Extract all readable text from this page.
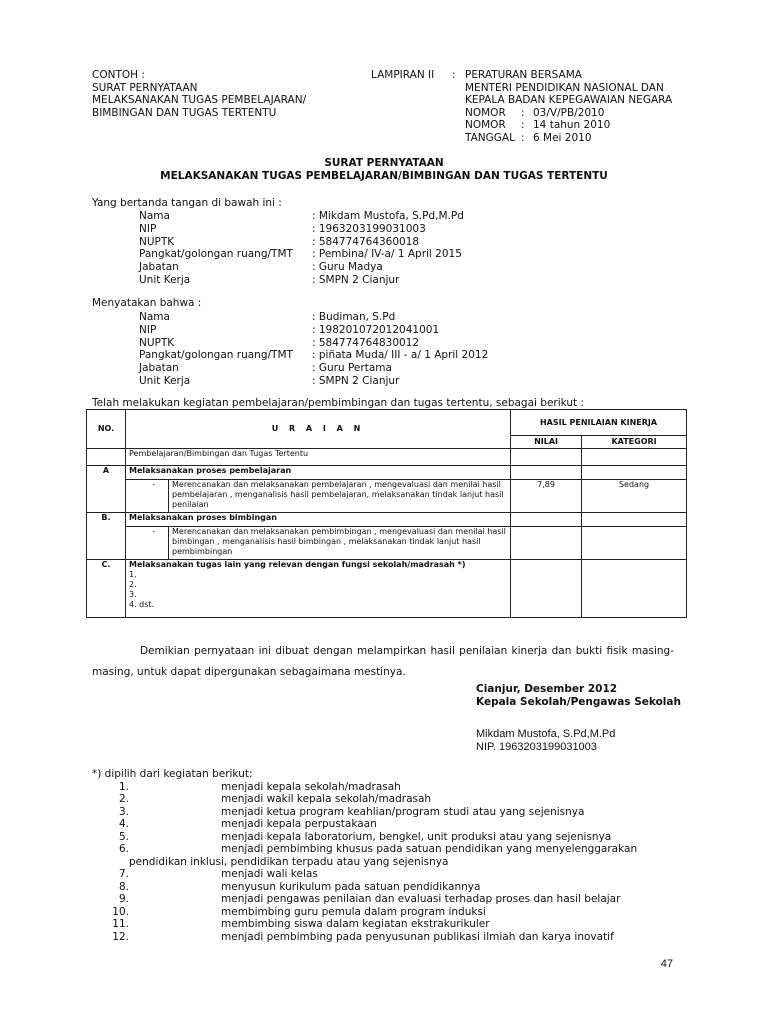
CONTOH :
SURAT PERNYATAAN
MELAKSANAKAN TUGAS PEMBELAJARAN/
BIMBINGAN DAN TUGAS TERTENTU
LAMPIRAN II : PERATURAN BERSAMA
MENTERI PENDIDIKAN NASIONAL DAN
KEPALA BADAN KEPEGAWAIAN NEGARA
NOMOR : 03/V/PB/2010
NOMOR : 14 tahun 2010
TANGGAL :6 Mei 2010
SURAT PERNYATAAN
MELAKSANAKAN TUGAS PEMBELAJARAN/BIMBINGAN DAN TUGAS TERTENTU
Yang bertanda tangan di bawah ini :
Nama	: Mikdam Mustofa, S.Pd,M.Pd
NIP	: 1963203199031003
NUPTK	: 584774764360018
Pangkat/golongan ruang/TMT : Pembina/ IV-a/ 1 April 2015
Jabatan	: Guru Madya
Unit Kerja	: SMPN 2 Cianjur
Menyatakan bahwa :
Nama	: Budiman, S.Pd
NIP	: 198201072012041001
NUPTK	: 584774764830012
Pangkat/golongan ruang/TMT : piñata Muda/ III - a/ 1 April 2012
Jabatan	: Guru Pertama
Unit Kerja	: SMPN 2 Cianjur
Telah melakukan kegiatan pembelajaran/pembimbingan dan tugas tertentu, sebagai berikut :
NO.	U R A I A N			HASIL PENILAIAN KINERJA	
				NILAI	KATEGORI
	Pembelajaran/Bimbingan dan Tugas Tertentu				
A	Melaksanakan proses pembelajaran				
		-	Merencanakan dan melaksanakan pembelajaran , mengevaluasi dan menilai hasil pembelajaran , menganalisis hasil pembelajaran, melaksanakan tindak lanjut hasil penilaian	7,89	Sedang
B.	Melaksanakan proses bimbingan				
		-	Merencanakan dan melaksanakan pembimbingan , mengevaluasi dan menilai hasil bimbingan , menganalisis hasil bimbingan , melaksanakan tindak lanjut hasil pembimbingan		
C.	Melaksanakan tugas lain yang relevan dengan fungsi sekolah/madrasah *)
1.
2.
3.
4. dst.				

Demikian pernyataan ini dibuat dengan melampirkan hasil penilaian kinerja dan bukti fisik masing-masing, untuk dapat dipergunakan sebagaimana mestinya.
Cianjur, Desember 2012
Kepala Sekolah/Pengawas Sekolah
Mikdam Mustofa, S.Pd,M.Pd
NIP. 1963203199031003
*) dipilih dari kegiatan berikut:
1.	menjadi kepala sekolah/madrasah
2.	menjadi wakil kepala sekolah/madrasah
3.	menjadi ketua program keahlian/program studi atau yang sejenisnya
4.	menjadi kepala perpustakaan
5.	menjadi kepala laboratorium, bengkel, unit produksi atau yang sejenisnya
6.	menjadi pembimbing khusus pada satuan pendidikan yang menyelenggarakan
pendidikan inklusi, pendidikan terpadu atau yang sejenisnya
7.	menjadi wali kelas
8.	menyusun kurikulum pada satuan pendidikannya
9.	menjadi pengawas penilaian dan evaluasi terhadap proses dan hasil belajar
10.	membimbing guru pemula dalam program induksi
11.	membimbing siswa dalam kegiatan ekstrakurikuler
12.	menjadi pembimbing pada penyusunan publikasi ilmiah dan karya inovatif
47
